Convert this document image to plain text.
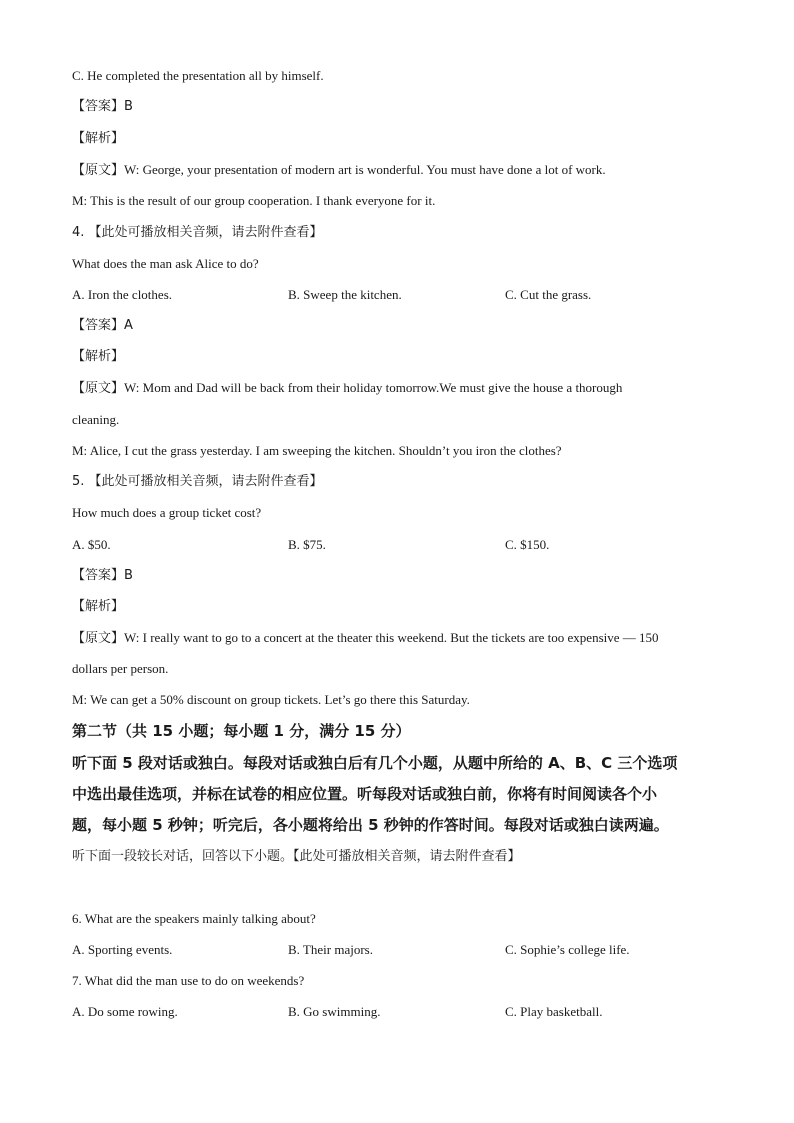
C. He completed the presentation all by himself.
【答案】B
【解析】
【原文】W: George, your presentation of modern art is wonderful. You must have done a lot of work.
M: This is the result of our group cooperation. I thank everyone for it.
4. 【此处可播放相关音频，请去附件查看】
What does the man ask Alice to do?
A. Iron the clothes.	B. Sweep the kitchen.	C. Cut the grass.
【答案】A
【解析】
【原文】W: Mom and Dad will be back from their holiday tomorrow.We must give the house a thorough
cleaning.
M: Alice, I cut the grass yesterday. I am sweeping the kitchen. Shouldn’t you iron the clothes?
5. 【此处可播放相关音频，请去附件查看】
How much does a group ticket cost?
A. $50.	B. $75.	C. $150.
【答案】B
【解析】
【原文】W: I really want to go to a concert at the theater this weekend. But the tickets are too expensive — 150
dollars per person.
M: We can get a 50% discount on group tickets. Let’s go there this Saturday.
第二节（共 15 小题；每小题 1 分，满分 15 分）
听下面 5 段对话或独白。每段对话或独白后有几个小题，从题中所给的 A、B、C 三个选项
中选出最佳选项，并标在试卷的相应位置。听每段对话或独白前，你将有时间阅读各个小
题，每小题 5 秒钟；听完后，各小题将给出 5 秒钟的作答时间。每段对话或独白读两遍。
听下面一段较长对话，回答以下小题。【此处可播放相关音频，请去附件查看】
6. What are the speakers mainly talking about?
A. Sporting events.	B. Their majors.	C. Sophie’s college life.
7. What did the man use to do on weekends?
A. Do some rowing.	B. Go swimming.	C. Play basketball.
